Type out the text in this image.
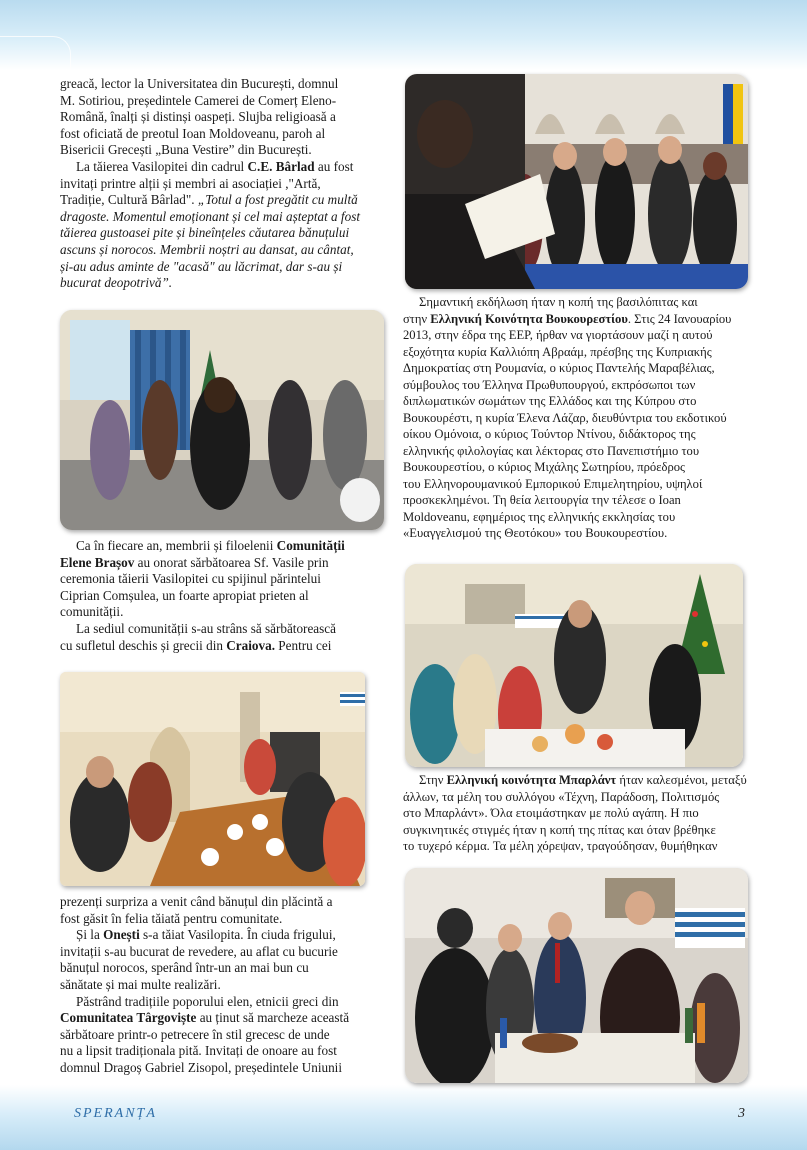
greacă, lector la Universitatea din București, domnul
M. Sotiriou, președintele Camerei de Comerț Eleno-
Română, înalți și distinși oaspeți. Slujba religioasă a
fost oficiată de preotul Ioan Moldoveanu, paroh al
Bisericii Grecești „Buna Vestire” din București.

La tăierea Vasilopitei din cadrul C.E. Bârlad au fost
invitați printre alții și membri ai asociației ,"Artă,
Tradiție, Cultură Bârlad". „Totul a fost pregătit cu multă
dragoste. Momentul emoționant și cel mai așteptat a fost
tăierea gustoasei pite și bineînțeles căutarea bănuțului
ascuns și norocos. Membrii noștri au dansat, au cântat,
și-au adus aminte de "acasă" au lăcrimat, dar s-au și
bucurat deopotrivă”.

Ca în fiecare an, membrii și filoelenii Comunității
Elene Brașov au onorat sărbătoarea Sf. Vasile prin
ceremonia tăierii Vasilopitei cu spijinul părintelui
Ciprian Comșulea, un foarte apropiat prieten al
comunității.

La sediul comunității s-au strâns să sărbătorească
cu sufletul deschis și grecii din Craiova. Pentru cei

prezenți surpriza a venit când bănuțul din plăcintă a
fost găsit în felia tăiată pentru comunitate.

Și la Onești s-a tăiat Vasilopita. În ciuda frigului,
invitații s-au bucurat de revedere, au aflat cu bucurie
bănuțul norocos, sperând într-un an mai bun cu
sănătate și mai multe realizări.

Păstrând tradițiile poporului elen, etnicii greci din
Comunitatea Târgoviște au ținut să marcheze această
sărbătoare printr-o petrecere în stil grecesc de unde
nu a lipsit tradiționala pită. Invitați de onoare au fost
domnul Dragoș Gabriel Zisopol, președintele Uniunii

Σημαντική εκδήλωση ήταν η κοπή της βασιλόπιτας και
στην Ελληνική Κοινότητα Βουκουρεστίου. Στις 24 Ιανουαρίου
2013, στην έδρα της ΕΕΡ, ήρθαν να γιορτάσουν μαζί η αυτού
εξοχότητα κυρία Καλλιόπη Αβραάμ, πρέσβης της Κυπριακής
Δημοκρατίας στη Ρουμανία, ο κύριος Παντελής Μαραβέλιας,
σύμβουλος του Έλληνα Πρωθυπουργού, εκπρόσωποι των
διπλωματικών σωμάτων της Ελλάδος και της Κύπρου στο
Βουκουρέστι, η κυρία Έλενα Λάζαρ, διευθύντρια του εκδοτικού
οίκου Ομόνοια, ο κύριος Τούντορ Ντίνου, διδάκτορος της
ελληνικής φιλολογίας και λέκτορας στο Πανεπιστήμιο του
Βουκουρεστίου, ο κύριος Μιχάλης Σωτηρίου, πρόεδρος
του Ελληνορουμανικού Εμπορικού Επιμελητηρίου, υψηλοί
προσκεκλημένοι. Τη θεία λειτουργία την τέλεσε ο Ioan
Moldoveanu, εφημέριος της ελληνικής εκκλησίας του
«Ευαγγελισμού της Θεοτόκου» του Βουκουρεστίου.

Στην Ελληνική κοινότητα Μπαρλάντ ήταν καλεσμένοι, μεταξύ
άλλων, τα μέλη του συλλόγου «Τέχνη, Παράδοση, Πολιτισμός
στο Μπαρλάντ». Όλα ετοιμάστηκαν με πολύ αγάπη. Η πιο
συγκινητικές στιγμές ήταν η κοπή της πίτας και όταν βρέθηκε
το τυχερό κέρμα. Τα μέλη χόρεψαν, τραγούδησαν, θυμήθηκαν

SPERANȚA	3
